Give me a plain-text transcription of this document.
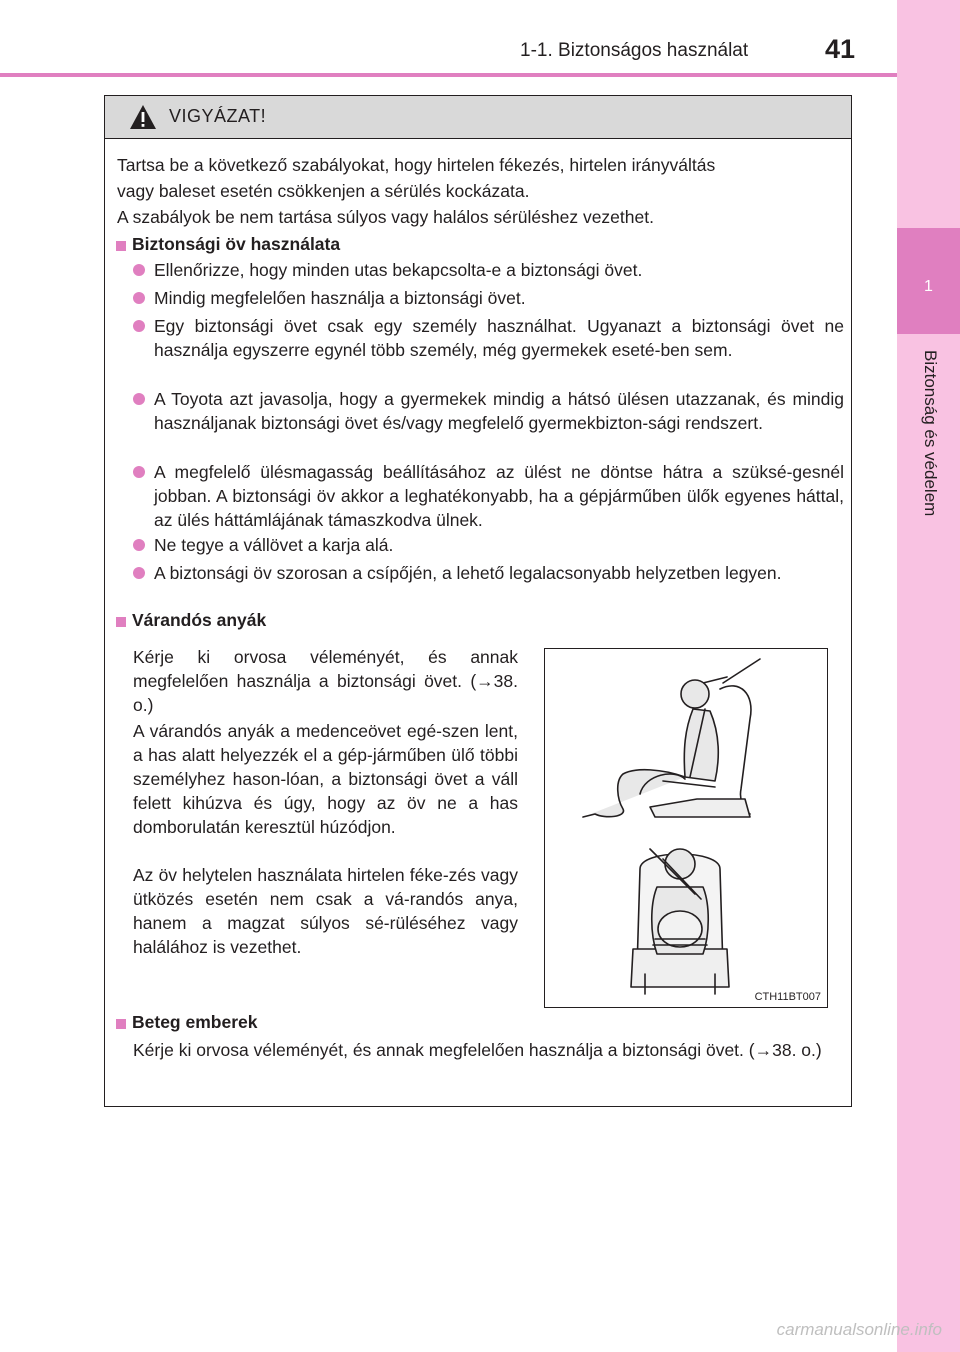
1-1. Biztonságos használat	41
1
Biztonság és védelem
VIGYÁZAT!
Tartsa be a következő szabályokat, hogy hirtelen fékezés, hirtelen irányváltás
vagy baleset esetén csökkenjen a sérülés kockázata.
A szabályok be nem tartása súlyos vagy halálos sérüléshez vezethet.
Biztonsági öv használata
Ellenőrizze, hogy minden utas bekapcsolta-e a biztonsági övet.
Mindig megfelelően használja a biztonsági övet.
Egy biztonsági övet csak egy személy használhat. Ugyanazt a biztonsági övet ne használja egyszerre egynél több személy, még gyermekek eseté-ben sem.
A Toyota azt javasolja, hogy a gyermekek mindig a hátsó ülésen utazzanak, és mindig használjanak biztonsági övet és/vagy megfelelő gyermekbizton-sági rendszert.
A megfelelő ülésmagasság beállításához az ülést ne döntse hátra a szüksé-gesnél jobban. A biztonsági öv akkor a leghatékonyabb, ha a gépjárműben ülők egyenes háttal, az ülés háttámlájának támaszkodva ülnek.
Ne tegye a vállövet a karja alá.
A biztonsági öv szorosan a csípőjén, a lehető legalacsonyabb helyzetben legyen.
Várandós anyák
Kérje ki orvosa véleményét, és annak megfelelően használja a biztonsági övet. (→38. o.)
A várandós anyák a medenceövet egé-szen lent, a has alatt helyezzék el a gép-járműben ülő többi személyhez hason-lóan, a biztonsági övet a váll felett kihúzva és úgy, hogy az öv ne a has domborulatán keresztül húzódjon.
Az öv helytelen használata hirtelen féke-zés vagy ütközés esetén nem csak a vá-randós anya, hanem a magzat súlyos sé-rüléséhez vagy halálához is vezethet.
CTH11BT007
Beteg emberek
Kérje ki orvosa véleményét, és annak megfelelően használja a biztonsági övet. (→38. o.)
carmanualsonline.info
